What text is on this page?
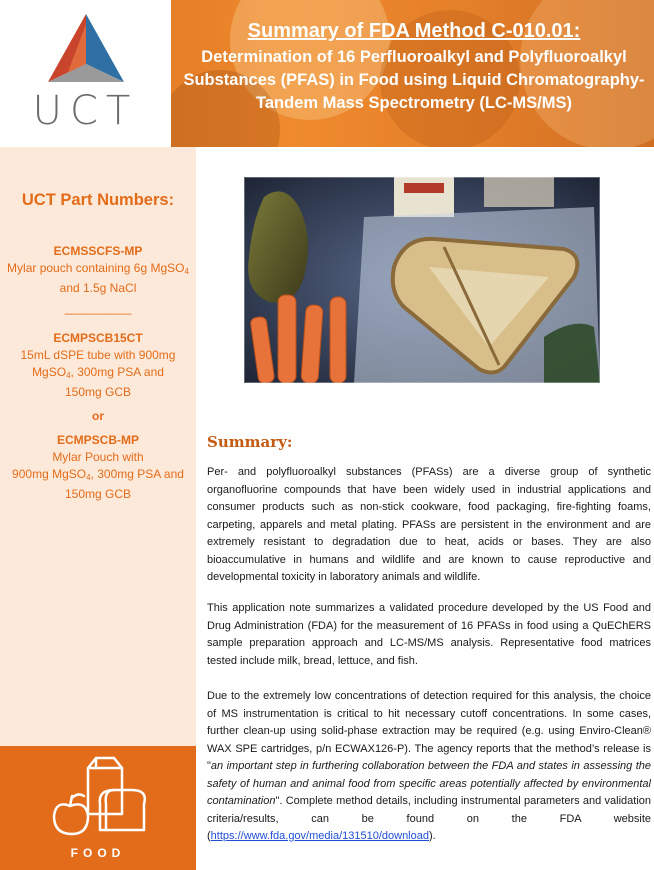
Summary of FDA Method C-010.01:
Determination of 16 Perfluoroalkyl and Polyfluoroalkyl
Substances (PFAS) in Food using Liquid Chromatography-
Tandem Mass Spectrometry (LC-MS/MS)
UCT
UCT Part Numbers:
ECMSSCFS-MP
Mylar pouch containing 6g MgSO$_4$
and 1.5g NaCl
__________
ECMPSCB15CT
15mL dSPE tube with 900mg
MgSO$_4$, 300mg PSA and
150mg GCB
or
ECMPSCB-MP
Mylar Pouch with
900mg MgSO$_4$, 300mg PSA and
150mg GCB
FOOD
Summary:
Per- and polyfluoroalkyl substances (PFASs) are a diverse group of synthetic organofluorine compounds that have been widely used in industrial applications and consumer products such as non-stick cookware, food packaging, fire-fighting foams, carpeting, apparels and metal plating. PFASs are persistent in the environment and are extremely resistant to degradation due to heat, acids or bases. They are also bioaccumulative in humans and wildlife and are known to cause reproductive and developmental toxicity in laboratory animals and wildlife.
This application note summarizes a validated procedure developed by the US Food and Drug Administration (FDA) for the measurement of 16 PFASs in food using a QuEChERS sample preparation approach and LC-MS/MS analysis. Representative food matrices tested include milk, bread, lettuce, and fish.
Due to the extremely low concentrations of detection required for this analysis, the choice of MS instrumentation is critical to hit necessary cutoff concentrations. In some cases, further clean-up using solid-phase extraction may be required (e.g. using Enviro-Clean® WAX SPE cartridges, p/n ECWAX126-P). The agency reports that the method’s release is "an important step in furthering collaboration between the FDA and states in assessing the safety of human and animal food from specific areas potentially affected by environmental contamination". Complete method details, including instrumental parameters and validation criteria/results, can be found on the FDA website (https://www.fda.gov/media/131510/download).
